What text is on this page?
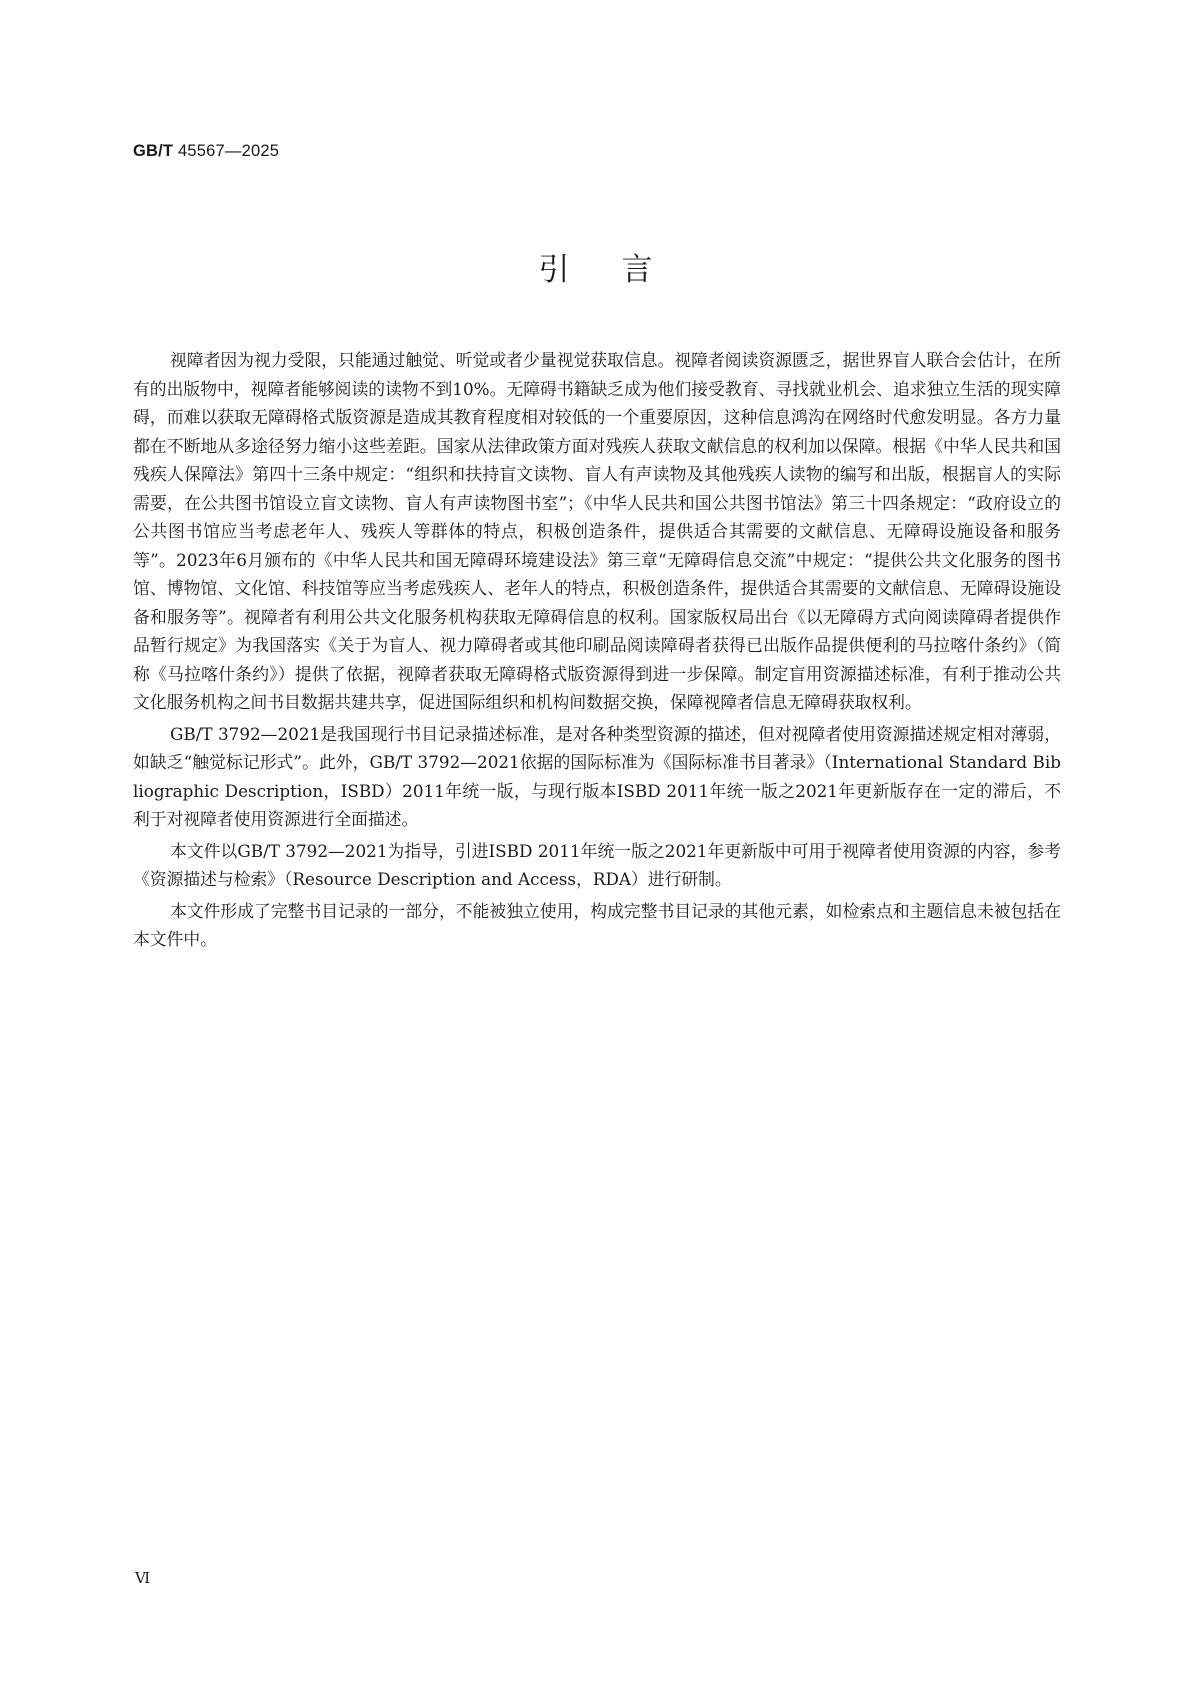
GB/T 45567—2025
引言

视障者因为视力受限，只能通过触觉、听觉或者少量视觉获取信息。视障者阅读资源匮乏，据世界盲人联合会估计，在所有的出版物中，视障者能够阅读的读物不到10%。无障碍书籍缺乏成为他们接受教育、寻找就业机会、追求独立生活的现实障碍，而难以获取无障碍格式版资源是造成其教育程度相对较低的一个重要原因，这种信息鸿沟在网络时代愈发明显。各方力量都在不断地从多途径努力缩小这些差距。国家从法律政策方面对残疾人获取文献信息的权利加以保障。根据《中华人民共和国残疾人保障法》第四十三条中规定：“组织和扶持盲文读物、盲人有声读物及其他残疾人读物的编写和出版，根据盲人的实际需要，在公共图书馆设立盲文读物、盲人有声读物图书室”；《中华人民共和国公共图书馆法》第三十四条规定：“政府设立的公共图书馆应当考虑老年人、残疾人等群体的特点，积极创造条件，提供适合其需要的文献信息、无障碍设施设备和服务等”。2023年6月颁布的《中华人民共和国无障碍环境建设法》第三章“无障碍信息交流”中规定：“提供公共文化服务的图书馆、博物馆、文化馆、科技馆等应当考虑残疾人、老年人的特点，积极创造条件，提供适合其需要的文献信息、无障碍设施设备和服务等”。视障者有利用公共文化服务机构获取无障碍信息的权利。国家版权局出台《以无障碍方式向阅读障碍者提供作品暂行规定》为我国落实《关于为盲人、视力障碍者或其他印刷品阅读障碍者获得已出版作品提供便利的马拉喀什条约》（简称《马拉喀什条约》）提供了依据，视障者获取无障碍格式版资源得到进一步保障。制定盲用资源描述标准，有利于推动公共文化服务机构之间书目数据共建共享，促进国际组织和机构间数据交换，保障视障者信息无障碍获取权利。

GB/T 3792—2021是我国现行书目记录描述标准，是对各种类型资源的描述，但对视障者使用资源描述规定相对薄弱，如缺乏“触觉标记形式”。此外，GB/T 3792—2021依据的国际标准为《国际标准书目著录》（International Standard Bibliographic Description，ISBD）2011年统一版，与现行版本ISBD 2011年统一版之2021年更新版存在一定的滞后，不利于对视障者使用资源进行全面描述。

本文件以GB/T 3792—2021为指导，引进ISBD 2011年统一版之2021年更新版中可用于视障者使用资源的内容，参考《资源描述与检索》（Resource Description and Access，RDA）进行研制。

本文件形成了完整书目记录的一部分，不能被独立使用，构成完整书目记录的其他元素，如检索点和主题信息未被包括在本文件中。

Ⅵ
